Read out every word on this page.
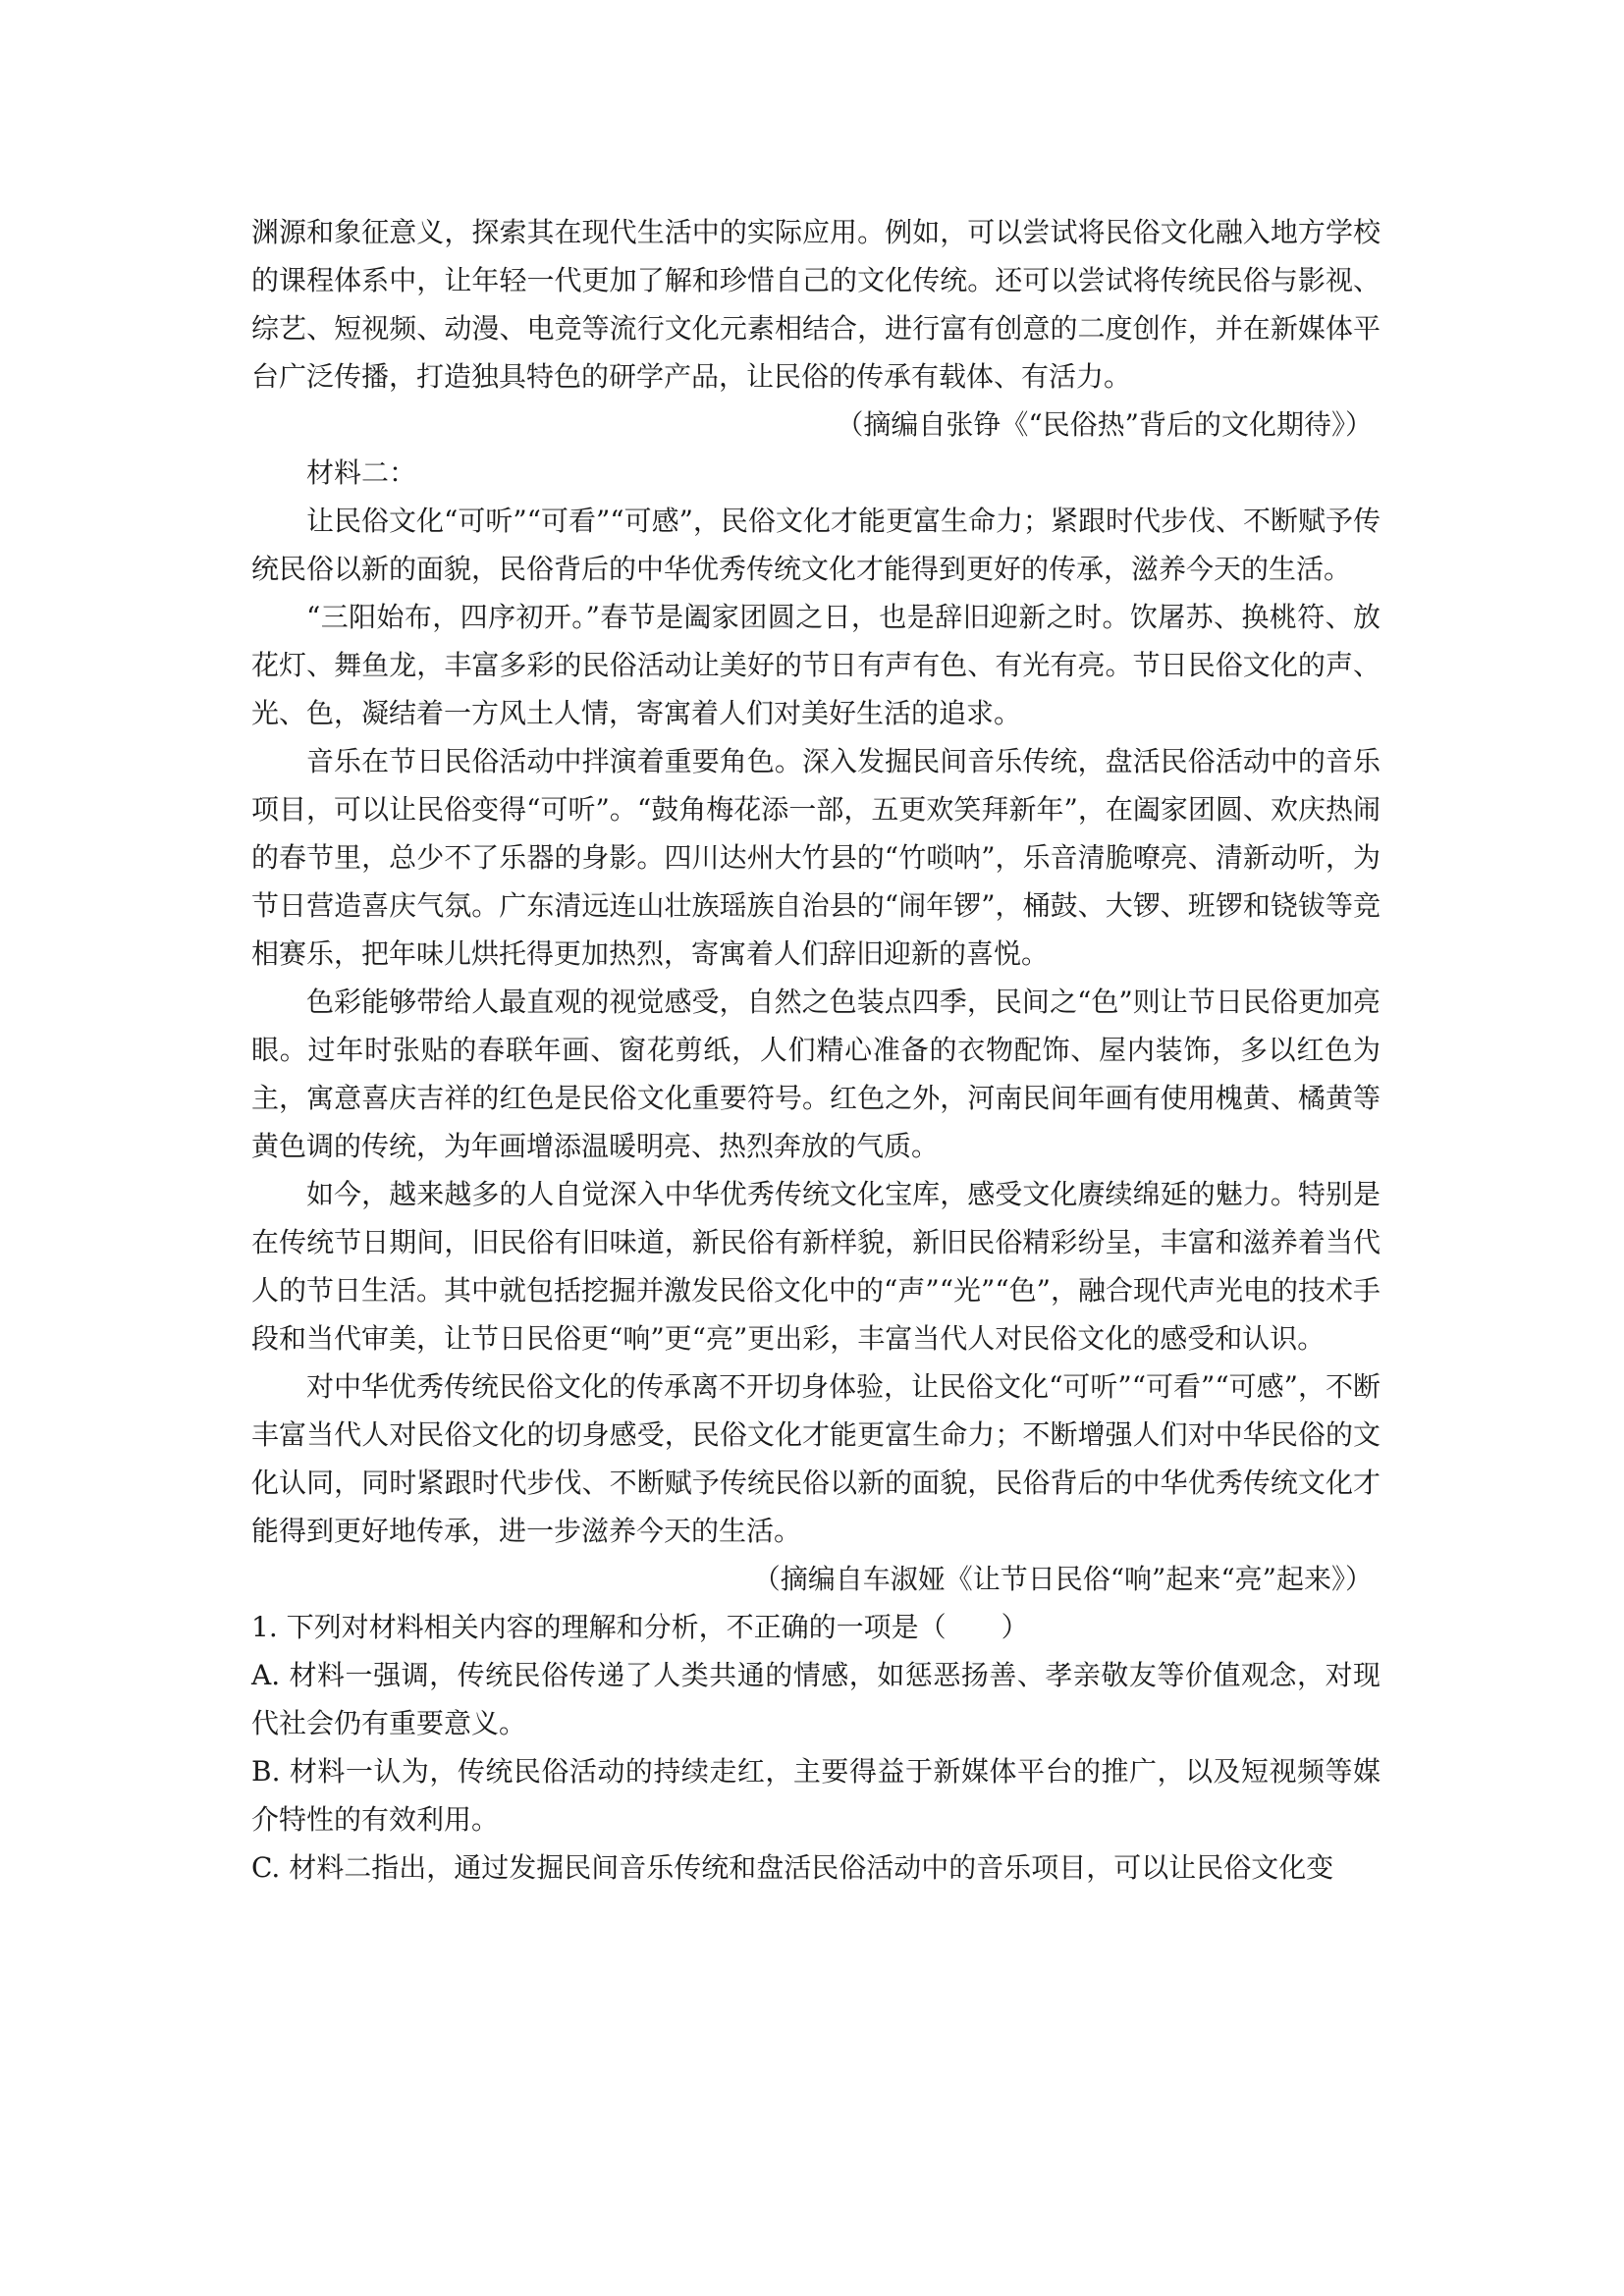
渊源和象征意义，探索其在现代生活中的实际应用。例如，可以尝试将民俗文化融入地方学校的课程体系中，让年轻一代更加了解和珍惜自己的文化传统。还可以尝试将传统民俗与影视、综艺、短视频、动漫、电竞等流行文化元素相结合，进行富有创意的二度创作，并在新媒体平台广泛传播，打造独具特色的研学产品，让民俗的传承有载体、有活力。

（摘编自张铮《“民俗热”背后的文化期待》）

材料二：

让民俗文化“可听”“可看”“可感”，民俗文化才能更富生命力；紧跟时代步伐、不断赋予传统民俗以新的面貌，民俗背后的中华优秀传统文化才能得到更好的传承，滋养今天的生活。

“三阳始布，四序初开。”春节是阖家团圆之日，也是辞旧迎新之时。饮屠苏、换桃符、放花灯、舞鱼龙，丰富多彩的民俗活动让美好的节日有声有色、有光有亮。节日民俗文化的声、光、色，凝结着一方风土人情，寄寓着人们对美好生活的追求。

音乐在节日民俗活动中拌演着重要角色。深入发掘民间音乐传统，盘活民俗活动中的音乐项目，可以让民俗变得“可听”。“鼓角梅花添一部，五更欢笑拜新年”，在阖家团圆、欢庆热闹的春节里，总少不了乐器的身影。四川达州大竹县的“竹唢呐”，乐音清脆嘹亮、清新动听，为节日营造喜庆气氛。广东清远连山壮族瑶族自治县的“闹年锣”，桶鼓、大锣、班锣和铙钹等竞相赛乐，把年味儿烘托得更加热烈，寄寓着人们辞旧迎新的喜悦。

色彩能够带给人最直观的视觉感受，自然之色装点四季，民间之“色”则让节日民俗更加亮眼。过年时张贴的春联年画、窗花剪纸，人们精心准备的衣物配饰、屋内装饰，多以红色为主，寓意喜庆吉祥的红色是民俗文化重要符号。红色之外，河南民间年画有使用槐黄、橘黄等黄色调的传统，为年画增添温暖明亮、热烈奔放的气质。

如今，越来越多的人自觉深入中华优秀传统文化宝库，感受文化赓续绵延的魅力。特别是在传统节日期间，旧民俗有旧味道，新民俗有新样貌，新旧民俗精彩纷呈，丰富和滋养着当代人的节日生活。其中就包括挖掘并激发民俗文化中的“声”“光”“色”，融合现代声光电的技术手段和当代审美，让节日民俗更“响”更“亮”更出彩，丰富当代人对民俗文化的感受和认识。

对中华优秀传统民俗文化的传承离不开切身体验，让民俗文化“可听”“可看”“可感”，不断丰富当代人对民俗文化的切身感受，民俗文化才能更富生命力；不断增强人们对中华民俗的文化认同，同时紧跟时代步伐、不断赋予传统民俗以新的面貌，民俗背后的中华优秀传统文化才能得到更好地传承，进一步滋养今天的生活。

（摘编自车淑娅《让节日民俗“响”起来“亮”起来》）

1. 下列对材料相关内容的理解和分析，不正确的一项是（　　）

A. 材料一强调，传统民俗传递了人类共通的情感，如惩恶扬善、孝亲敬友等价值观念，对现代社会仍有重要意义。

B. 材料一认为，传统民俗活动的持续走红，主要得益于新媒体平台的推广，以及短视频等媒介特性的有效利用。

C. 材料二指出，通过发掘民间音乐传统和盘活民俗活动中的音乐项目，可以让民俗文化变
